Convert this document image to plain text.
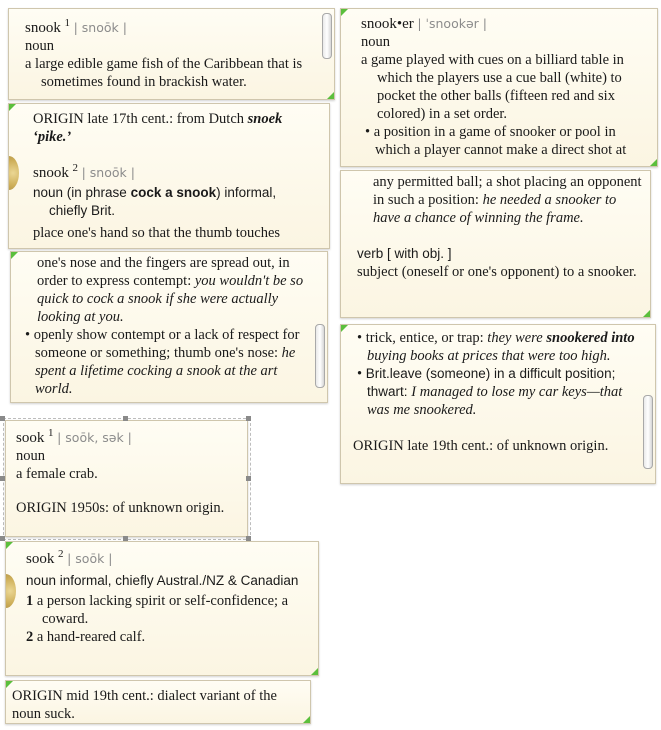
snook $^1$ | snoōk |

noun

a large edible game fish of the Caribbean that is sometimes found in brackish water.

ORIGIN late 17th cent.: from Dutch snoek ‘pike.’

snook $^2$ | snoōk |

noun (in phrase cock a snook) informal, chiefly Brit.

place one's hand so that the thumb touches

one's nose and the fingers are spread out, in order to express contempt: you wouldn't be so quick to cock a snook if she were actually looking at you.

• openly show contempt or a lack of respect for someone or something; thumb one's nose: he spent a lifetime cocking a snook at the art world.

snook•er | ˈsnookər |

noun

a game played with cues on a billiard table in which the players use a cue ball (white) to pocket the other balls (fifteen red and six colored) in a set order.

• a position in a game of snooker or pool in which a player cannot make a direct shot at

any permitted ball; a shot placing an opponent in such a position: he needed a snooker to have a chance of winning the frame.

verb [ with obj. ]

subject (oneself or one's opponent) to a snooker.

• trick, entice, or trap: they were snookered into buying books at prices that were too high.

• Brit.leave (someone) in a difficult position; thwart: I managed to lose my car keys—that was me snookered.

ORIGIN late 19th cent.: of unknown origin.

sook $^1$ | soōk, sək |

noun

a female crab.

ORIGIN 1950s: of unknown origin.

sook $^2$ | soōk |

noun informal, chiefly Austral./NZ & Canadian

1 a person lacking spirit or self-confidence; a coward.

2 a hand-reared calf.

ORIGIN mid 19th cent.: dialect variant of the noun suck.
